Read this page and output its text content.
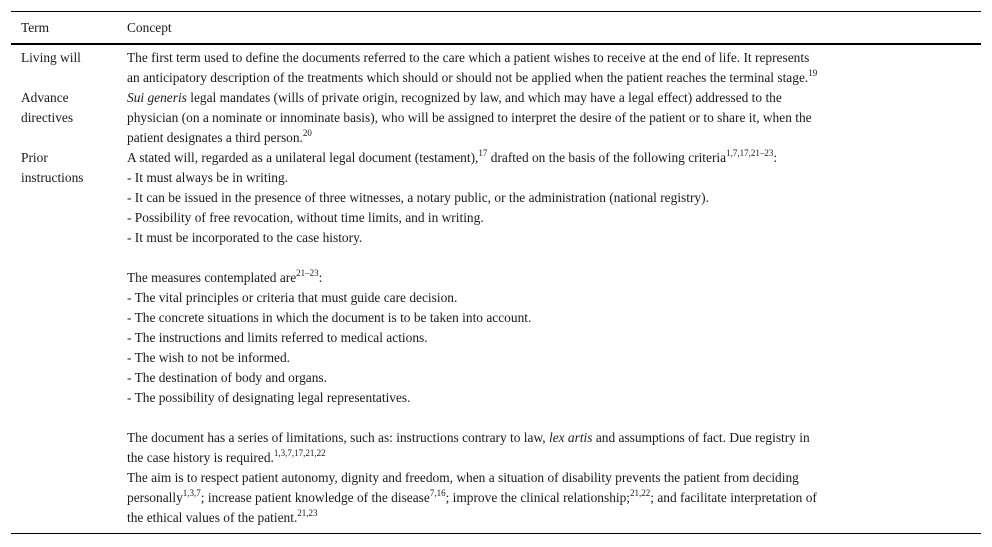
Term	Concept
Living will	The first term used to define the documents referred to the care which a patient wishes to receive at the end of life. It represents
an anticipatory description of the treatments which should or should not be applied when the patient reaches the terminal stage.$^{19}$
Advance
directives
Sui generis legal mandates (wills of private origin, recognized by law, and which may have a legal effect) addressed to the
physician (on a nominate or innominate basis), who will be assigned to interpret the desire of the patient or to share it, when the
patient designates a third person.$^{20}$
Prior
instructions
A stated will, regarded as a unilateral legal document (testament),$^{17}$ drafted on the basis of the following criteria$^{1,7,17,21-23}$:
- It must always be in writing.
- It can be issued in the presence of three witnesses, a notary public, or the administration (national registry).
- Possibility of free revocation, without time limits, and in writing.
- It must be incorporated to the case history.
The measures contemplated are$^{21-23}$:
- The vital principles or criteria that must guide care decision.
- The concrete situations in which the document is to be taken into account.
- The instructions and limits referred to medical actions.
- The wish to not be informed.
- The destination of body and organs.
- The possibility of designating legal representatives.
The document has a series of limitations, such as: instructions contrary to law, lex artis and assumptions of fact. Due registry in
the case history is required.$^{1,3,7,17,21,22}$
The aim is to respect patient autonomy, dignity and freedom, when a situation of disability prevents the patient from deciding
personally$^{1,3,7}$; increase patient knowledge of the disease$^{7,16}$; improve the clinical relationship;$^{21,22}$; and facilitate interpretation of
the ethical values of the patient.$^{21,23}$
